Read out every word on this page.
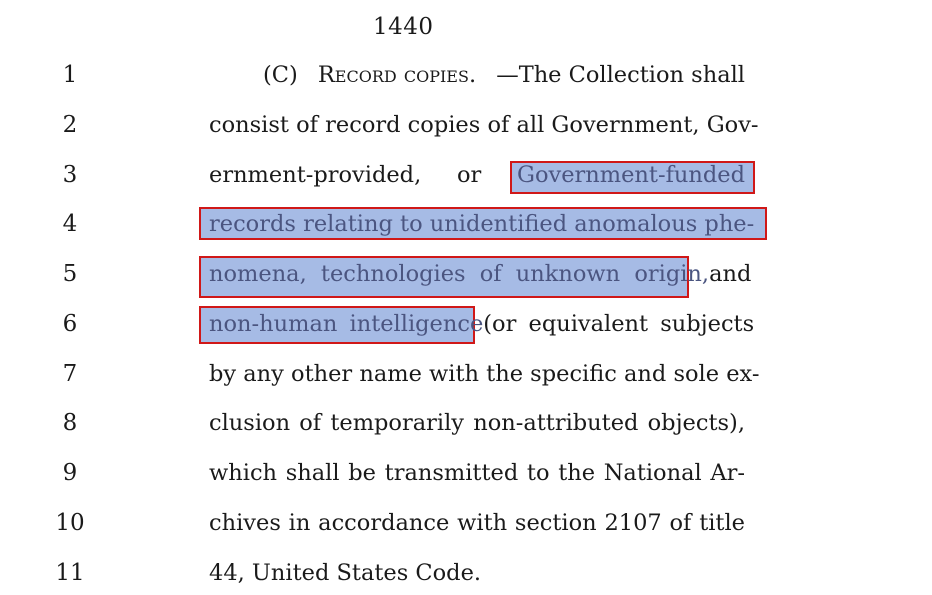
1440
1
2
3
4
5
6
7
8
9
10
11
(C) Record copies. —The Collection shall
consist of record copies of all Government, Gov-
ernment-provided, or Government-funded
records relating to unidentified anomalous phe-
nomena, technologies of unknown origin, and
non-human intelligence (or equivalent subjects
by any other name with the specific and sole ex-
clusion of temporarily non-attributed objects),
which shall be transmitted to the National Ar-
chives in accordance with section 2107 of title
44, United States Code.
